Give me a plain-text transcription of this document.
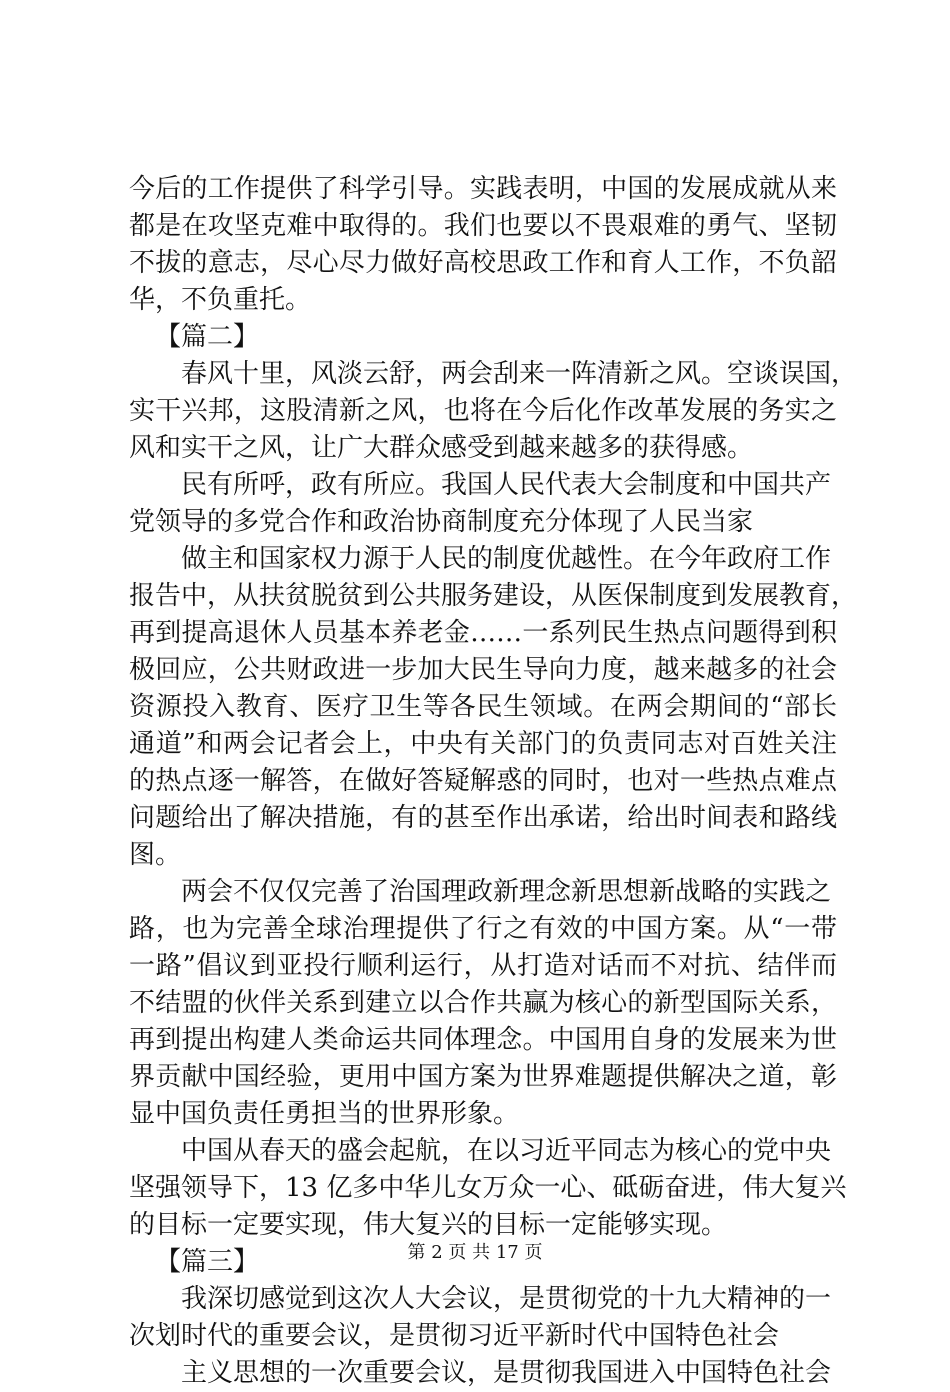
今后的工作提供了科学引导。实践表明，中国的发展成就从来
都是在攻坚克难中取得的。我们也要以不畏艰难的勇气、坚韧
不拔的意志，尽心尽力做好高校思政工作和育人工作，不负韶
华，不负重托。
【篇二】
春风十里，风淡云舒，两会刮来一阵清新之风。空谈误国，
实干兴邦，这股清新之风，也将在今后化作改革发展的务实之
风和实干之风，让广大群众感受到越来越多的获得感。
民有所呼，政有所应。我国人民代表大会制度和中国共产
党领导的多党合作和政治协商制度充分体现了人民当家
做主和国家权力源于人民的制度优越性。在今年政府工作
报告中，从扶贫脱贫到公共服务建设，从医保制度到发展教育，
再到提高退休人员基本养老金……一系列民生热点问题得到积
极回应，公共财政进一步加大民生导向力度，越来越多的社会
资源投入教育、医疗卫生等各民生领域。在两会期间的“部长
通道”和两会记者会上，中央有关部门的负责同志对百姓关注
的热点逐一解答，在做好答疑解惑的同时，也对一些热点难点
问题给出了解决措施，有的甚至作出承诺，给出时间表和路线
图。
两会不仅仅完善了治国理政新理念新思想新战略的实践之
路，也为完善全球治理提供了行之有效的中国方案。从“一带
一路”倡议到亚投行顺利运行，从打造对话而不对抗、结伴而
不结盟的伙伴关系到建立以合作共赢为核心的新型国际关系，
再到提出构建人类命运共同体理念。中国用自身的发展来为世
界贡献中国经验，更用中国方案为世界难题提供解决之道，彰
显中国负责任勇担当的世界形象。
中国从春天的盛会起航，在以习近平同志为核心的党中央
坚强领导下，13 亿多中华儿女万众一心、砥砺奋进，伟大复兴
的目标一定要实现，伟大复兴的目标一定能够实现。
【篇三】
我深切感觉到这次人大会议，是贯彻党的十九大精神的一
次划时代的重要会议，是贯彻习近平新时代中国特色社会
主义思想的一次重要会议，是贯彻我国进入中国特色社会
第 2 页 共 17 页
